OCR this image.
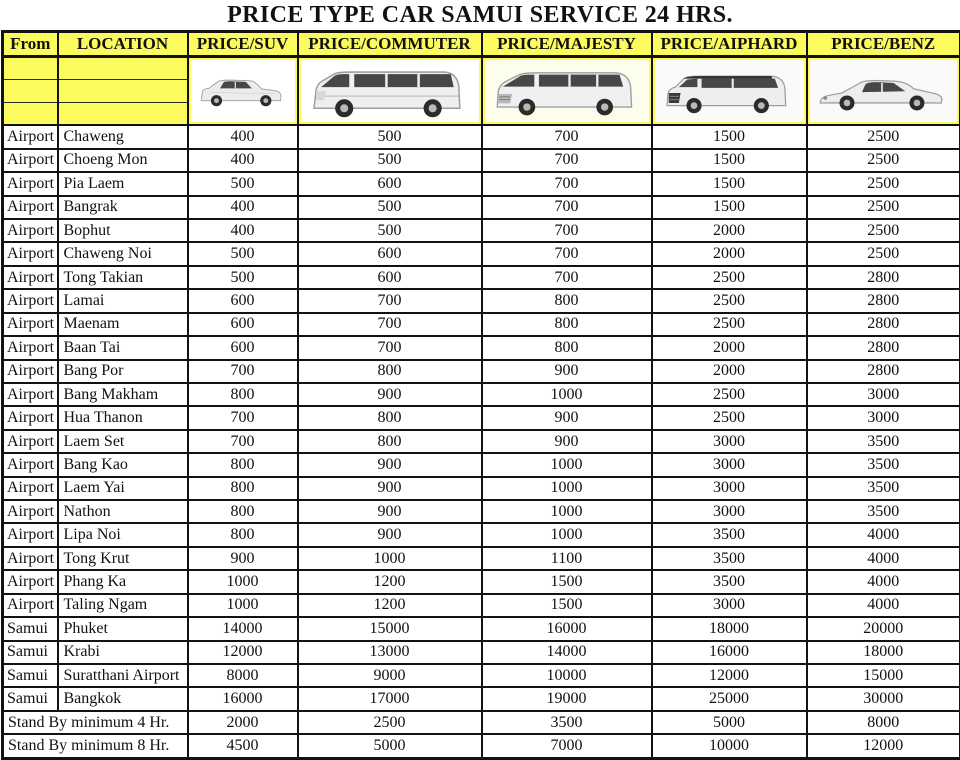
PRICE TYPE CAR SAMUI SERVICE 24 HRS.
From	LOCATION	PRICE/SUV	PRICE/COMMUTER	PRICE/MAJESTY	PRICE/AIPHARD	PRICE/BENZ

Airport	Chaweng	400	500	700	1500	2500
Airport	Choeng Mon	400	500	700	1500	2500
Airport	Pia Laem	500	600	700	1500	2500
Airport	Bangrak	400	500	700	1500	2500
Airport	Bophut	400	500	700	2000	2500
Airport	Chaweng Noi	500	600	700	2000	2500
Airport	Tong Takian	500	600	700	2500	2800
Airport	Lamai	600	700	800	2500	2800
Airport	Maenam	600	700	800	2500	2800
Airport	Baan Tai	600	700	800	2000	2800
Airport	Bang Por	700	800	900	2000	2800
Airport	Bang Makham	800	900	1000	2500	3000
Airport	Hua Thanon	700	800	900	2500	3000
Airport	Laem Set	700	800	900	3000	3500
Airport	Bang Kao	800	900	1000	3000	3500
Airport	Laem Yai	800	900	1000	3000	3500
Airport	Nathon	800	900	1000	3000	3500
Airport	Lipa Noi	800	900	1000	3500	4000
Airport	Tong Krut	900	1000	1100	3500	4000
Airport	Phang Ka	1000	1200	1500	3500	4000
Airport	Taling Ngam	1000	1200	1500	3000	4000
Samui	Phuket	14000	15000	16000	18000	20000
Samui	Krabi	12000	13000	14000	16000	18000
Samui	Suratthani Airport	8000	9000	10000	12000	15000
Samui	Bangkok	16000	17000	19000	25000	30000
Stand By minimum 4 Hr.		2000	2500	3500	5000	8000
Stand By minimum 8 Hr.		4500	5000	7000	10000	12000
